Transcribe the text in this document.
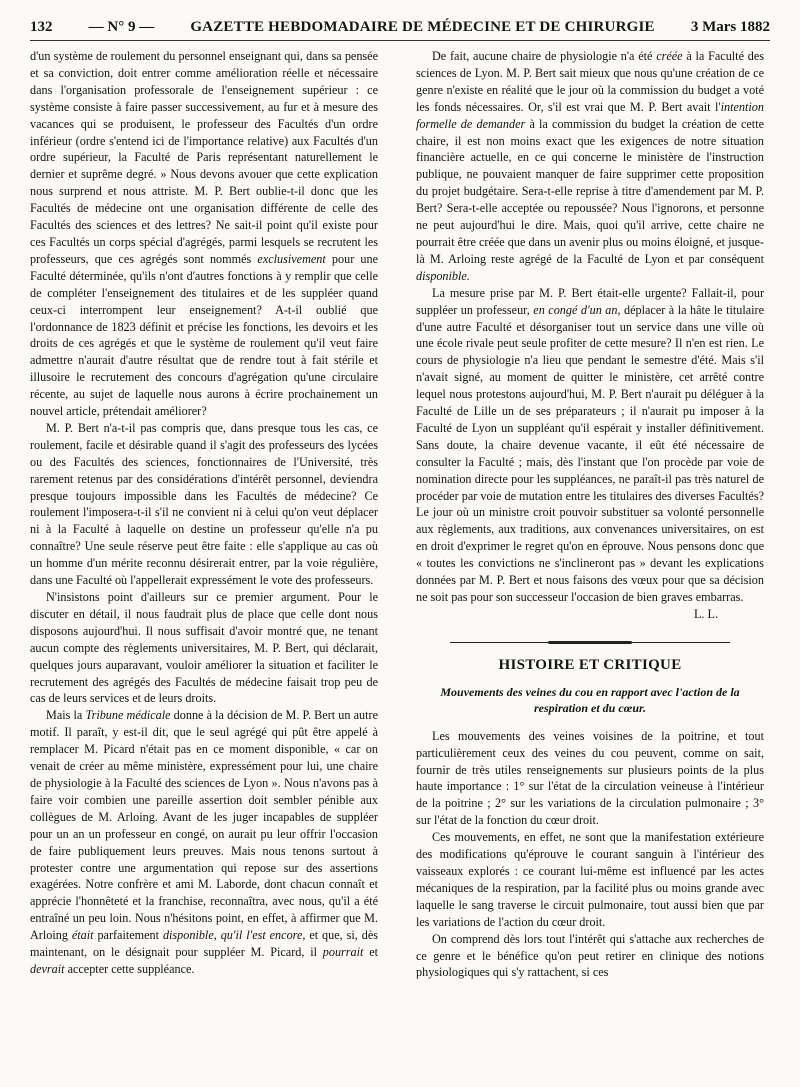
132 — N° 9 — GAZETTE HEBDOMADAIRE DE MÉDECINE ET DE CHIRURGIE 3 Mars 1882

d'un système de roulement du personnel enseignant qui, dans sa pensée et sa conviction, doit entrer comme amélioration réelle et nécessaire dans l'organisation professorale de l'enseignement supérieur : ce système consiste à faire passer successivement, au fur et à mesure des vacances qui se produisent, le professeur des Facultés d'un ordre inférieur (ordre s'entend ici de l'importance relative) aux Facultés d'un ordre supérieur, la Faculté de Paris représentant naturellement le dernier et suprême degré. » Nous devons avouer que cette explication nous surprend et nous attriste. M. P. Bert oublie-t-il donc que les Facultés de médecine ont une organisation différente de celle des Facultés des sciences et des lettres? Ne sait-il point qu'il existe pour ces Facultés un corps spécial d'agrégés, parmi lesquels se recrutent les professeurs, que ces agrégés sont nommés exclusivement pour une Faculté déterminée, qu'ils n'ont d'autres fonctions à y remplir que celle de compléter l'enseignement des titulaires et de les suppléer quand ceux-ci interrompent leur enseignement? A-t-il oublié que l'ordonnance de 1823 définit et précise les fonctions, les devoirs et les droits de ces agrégés et que le système de roulement qu'il veut faire admettre n'aurait d'autre résultat que de rendre tout à fait stérile et illusoire le recrutement des concours d'agrégation qu'une circulaire récente, au sujet de laquelle nous aurons à écrire prochainement un nouvel article, prétendait améliorer?

M. P. Bert n'a-t-il pas compris que, dans presque tous les cas, ce roulement, facile et désirable quand il s'agit des professeurs des lycées ou des Facultés des sciences, fonctionnaires de l'Université, très rarement retenus par des considérations d'intérêt personnel, deviendra presque toujours impossible dans les Facultés de médecine? Ce roulement l'imposera-t-il s'il ne convient ni à celui qu'on veut déplacer ni à la Faculté à laquelle on destine un professeur qu'elle n'a pu connaître? Une seule réserve peut être faite : elle s'applique au cas où un homme d'un mérite reconnu désirerait entrer, par la voie régulière, dans une Faculté où l'appellerait expressément le vote des professeurs.

N'insistons point d'ailleurs sur ce premier argument. Pour le discuter en détail, il nous faudrait plus de place que celle dont nous disposons aujourd'hui. Il nous suffisait d'avoir montré que, ne tenant aucun compte des règlements universitaires, M. P. Bert, qui déclarait, quelques jours auparavant, vouloir améliorer la situation et faciliter le recrutement des agrégés des Facultés de médecine faisait trop peu de cas de leurs services et de leurs droits.

Mais la Tribune médicale donne à la décision de M. P. Bert un autre motif. Il paraît, y est-il dit, que le seul agrégé qui pût être appelé à remplacer M. Picard n'était pas en ce moment disponible, « car on venait de créer au même ministère, expressément pour lui, une chaire de physiologie à la Faculté des sciences de Lyon ». Nous n'avons pas à faire voir combien une pareille assertion doit sembler pénible aux collègues de M. Arloing. Avant de les juger incapables de suppléer pour un an un professeur en congé, on aurait pu leur offrir l'occasion de faire publiquement leurs preuves. Mais nous tenons surtout à protester contre une argumentation qui repose sur des assertions exagérées. Notre confrère et ami M. Laborde, dont chacun connaît et apprécie l'honnêteté et la franchise, reconnaîtra, avec nous, qu'il a été entraîné un peu loin. Nous n'hésitons point, en effet, à affirmer que M. Arloing était parfaitement disponible, qu'il l'est encore, et que, si, dès maintenant, on le désignait pour suppléer M. Picard, il pourrait et devrait accepter cette suppléance.

De fait, aucune chaire de physiologie n'a été créée à la Faculté des sciences de Lyon. M. P. Bert sait mieux que nous qu'une création de ce genre n'existe en réalité que le jour où la commission du budget a voté les fonds nécessaires. Or, s'il est vrai que M. P. Bert avait l'intention formelle de demander à la commission du budget la création de cette chaire, il est non moins exact que les exigences de notre situation financière actuelle, en ce qui concerne le ministère de l'instruction publique, ne pouvaient manquer de faire supprimer cette proposition du projet budgétaire. Sera-t-elle reprise à titre d'amendement par M. P. Bert? Sera-t-elle acceptée ou repoussée? Nous l'ignorons, et personne ne peut aujourd'hui le dire. Mais, quoi qu'il arrive, cette chaire ne pourrait être créée que dans un avenir plus ou moins éloigné, et jusque-là M. Arloing reste agrégé de la Faculté de Lyon et par conséquent disponible.

La mesure prise par M. P. Bert était-elle urgente? Fallait-il, pour suppléer un professeur, en congé d'un an, déplacer à la hâte le titulaire d'une autre Faculté et désorganiser tout un service dans une ville où une école rivale peut seule profiter de cette mesure? Il n'en est rien. Le cours de physiologie n'a lieu que pendant le semestre d'été. Mais s'il n'avait signé, au moment de quitter le ministère, cet arrêté contre lequel nous protestons aujourd'hui, M. P. Bert n'aurait pu déléguer à la Faculté de Lille un de ses préparateurs ; il n'aurait pu imposer à la Faculté de Lyon un suppléant qu'il espérait y installer définitivement. Sans doute, la chaire devenue vacante, il eût été nécessaire de consulter la Faculté ; mais, dès l'instant que l'on procède par voie de nomination directe pour les suppléances, ne paraît-il pas très naturel de procéder par voie de mutation entre les titulaires des diverses Facultés? Le jour où un ministre croit pouvoir substituer sa volonté personnelle aux règlements, aux traditions, aux convenances universitaires, on est en droit d'exprimer le regret qu'on en éprouve. Nous pensons donc que « toutes les convictions ne s'inclineront pas » devant les explications données par M. P. Bert et nous faisons des vœux pour que sa décision ne soit pas pour son successeur l'occasion de bien graves embarras.

L. L.

HISTOIRE ET CRITIQUE
Mouvements des veines du cou en rapport avec l'action de la respiration et du cœur.

Les mouvements des veines voisines de la poitrine, et tout particulièrement ceux des veines du cou peuvent, comme on sait, fournir de très utiles renseignements sur plusieurs points de la plus haute importance : 1° sur l'état de la circulation veineuse à l'intérieur de la poitrine ; 2° sur les variations de la circulation pulmonaire ; 3° sur l'état de la fonction du cœur droit.

Ces mouvements, en effet, ne sont que la manifestation extérieure des modifications qu'éprouve le courant sanguin à l'intérieur des vaisseaux explorés : ce courant lui-même est influencé par les actes mécaniques de la respiration, par la facilité plus ou moins grande avec laquelle le sang traverse le circuit pulmonaire, tout aussi bien que par les variations de l'action du cœur droit.

On comprend dès lors tout l'intérêt qui s'attache aux recherches de ce genre et le bénéfice qu'on peut retirer en clinique des notions physiologiques qui s'y rattachent, si ces
